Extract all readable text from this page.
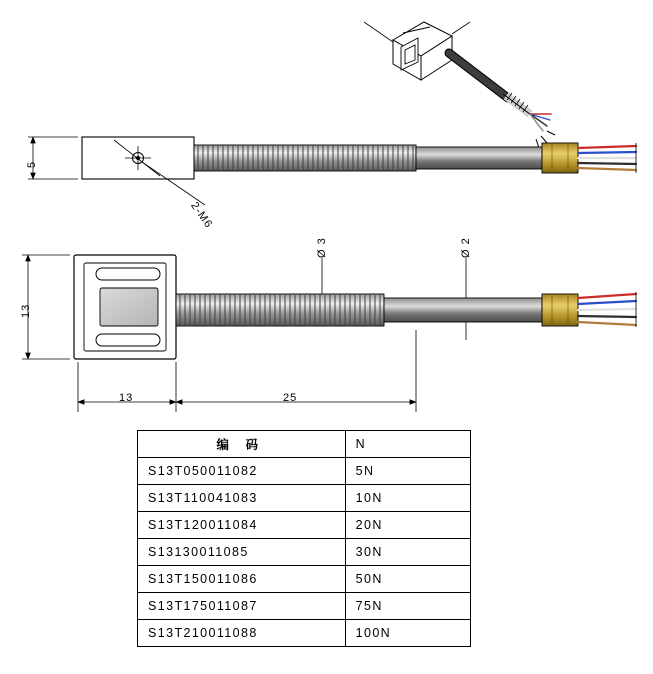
5
2-M6
13
13	25
Ø 3	Ø 2
编　码	N
S13T050011082	5N
S13T110041083	10N
S13T120011084	20N
S13130011085	30N
S13T150011086	50N
S13T175011087	75N
S13T210011088	100N
